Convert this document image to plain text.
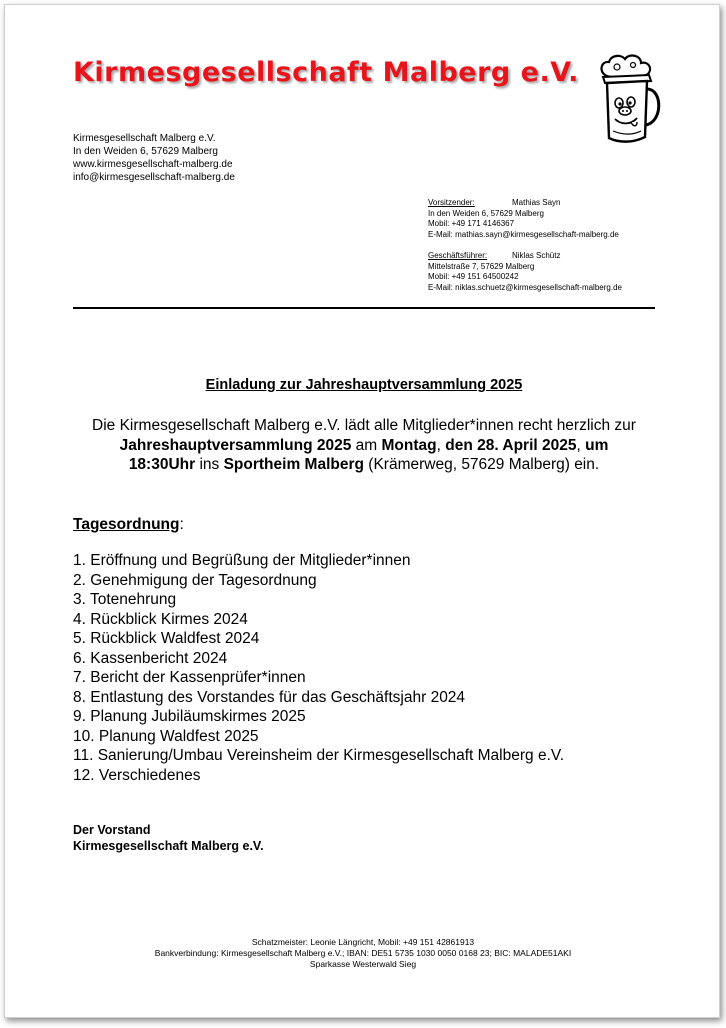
Kirmesgesellschaft Malberg e.V.
Kirmesgesellschaft Malberg e.V.
In den Weiden 6, 57629 Malberg
www.kirmesgesellschaft-malberg.de
info@kirmesgesellschaft-malberg.de
Vorsitzender:	Mathias Sayn
In den Weiden 6, 57629 Malberg
Mobil: +49 171 4146367
E-Mail: mathias.sayn@kirmesgesellschaft-malberg.de
Geschäftsführer:	Niklas Schütz
Mittelstraße 7, 57629 Malberg
Mobil: +49 151 64500242
E-Mail: niklas.schuetz@kirmesgesellschaft-malberg.de
Einladung zur Jahreshauptversammlung 2025
Die Kirmesgesellschaft Malberg e.V. lädt alle Mitglieder*innen recht herzlich zur Jahreshauptversammlung 2025 am Montag, den 28. April 2025, um 18:30Uhr ins Sportheim Malberg (Krämerweg, 57629 Malberg) ein.
Tagesordnung:
1. Eröffnung und Begrüßung der Mitglieder*innen
2. Genehmigung der Tagesordnung
3. Totenehrung
4. Rückblick Kirmes 2024
5. Rückblick Waldfest 2024
6. Kassenbericht 2024
7. Bericht der Kassenprüfer*innen
8. Entlastung des Vorstandes für das Geschäftsjahr 2024
9. Planung Jubiläumskirmes 2025
10. Planung Waldfest 2025
11. Sanierung/Umbau Vereinsheim der Kirmesgesellschaft Malberg e.V.
12. Verschiedenes
Der Vorstand
Kirmesgesellschaft Malberg e.V.
Schatzmeister: Leonie Längricht, Mobil: +49 151 42861913
Bankverbindung: Kirmesgesellschaft Malberg e.V.; IBAN: DE51 5735 1030 0050 0168 23; BIC: MALADE51AKI
Sparkasse Westerwald Sieg
